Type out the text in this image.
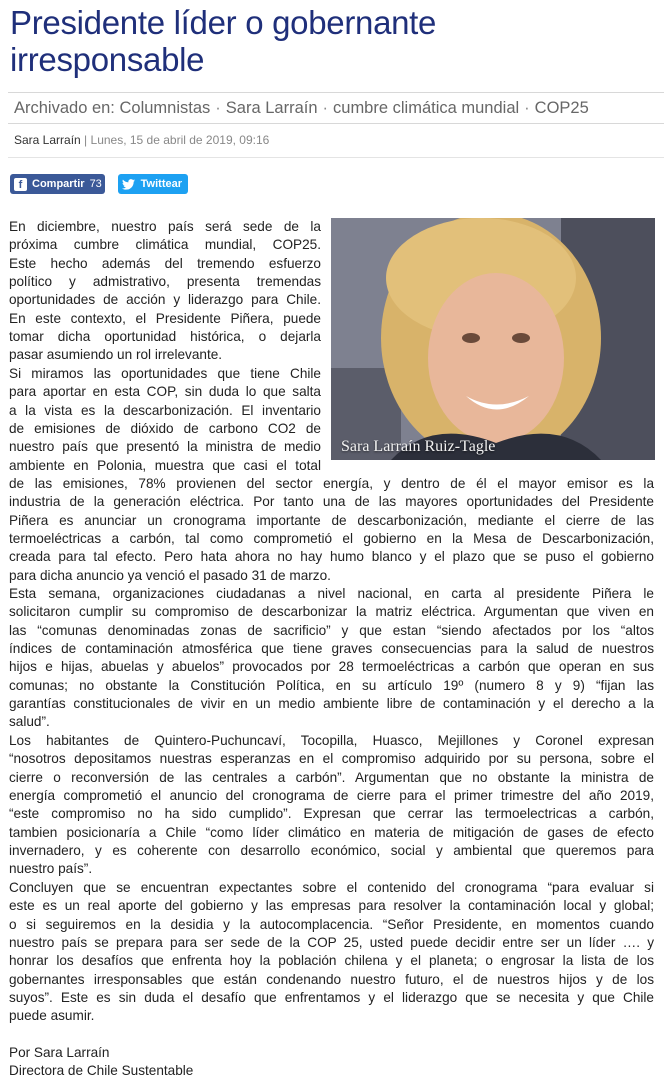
Presidente líder o gobernante
irresponsable
Archivado en: Columnistas · Sara Larraín · cumbre climática mundial · COP25
Sara Larraín | Lunes, 15 de abril de 2019, 09:16
f Compartir 73	Twittear
Sara Larraín Ruiz-Tagle
En diciembre, nuestro país será sede de la
próxima cumbre climática mundial, COP25.
Este hecho además del tremendo esfuerzo
político y admistrativo, presenta tremendas
oportunidades de acción y liderazgo para Chile.
En este contexto, el Presidente Piñera, puede
tomar dicha oportunidad histórica, o dejarla
pasar asumiendo un rol irrelevante.
Si miramos las oportunidades que tiene Chile
para aportar en esta COP, sin duda lo que salta
a la vista es la descarbonización. El inventario
de emisiones de dióxido de carbono CO2 de
nuestro país que presentó la ministra de medio
ambiente en Polonia, muestra que casi el total
de las emisiones, 78% provienen del sector energía, y dentro de él el mayor emisor es la
industria de la generación eléctrica. Por tanto una de las mayores oportunidades del Presidente
Piñera es anunciar un cronograma importante de descarbonización, mediante el cierre de las
termoeléctricas a carbón, tal como comprometió el gobierno en la Mesa de Descarbonización,
creada para tal efecto. Pero hata ahora no hay humo blanco y el plazo que se puso el gobierno
para dicha anuncio ya venció el pasado 31 de marzo.
Esta semana, organizaciones ciudadanas a nivel nacional, en carta al presidente Piñera le
solicitaron cumplir su compromiso de descarbonizar la matriz eléctrica. Argumentan que viven en
las “comunas denominadas zonas de sacrificio” y que estan “siendo afectados por los “altos
índices de contaminación atmosférica que tiene graves consecuencias para la salud de nuestros
hijos e hijas, abuelas y abuelos” provocados por 28 termoeléctricas a carbón que operan en sus
comunas; no obstante la Constitución Política, en su artículo 19º (numero 8 y 9) “fijan las
garantías constitucionales de vivir en un medio ambiente libre de contaminación y el derecho a la
salud”.
Los habitantes de Quintero-Puchuncaví, Tocopilla, Huasco, Mejillones y Coronel expresan
“nosotros depositamos nuestras esperanzas en el compromiso adquirido por su persona, sobre el
cierre o reconversión de las centrales a carbón”. Argumentan que no obstante la ministra de
energía comprometió el anuncio del cronograma de cierre para el primer trimestre del año 2019,
“este compromiso no ha sido cumplido”. Expresan que cerrar las termoelectricas a carbón,
tambien posicionaría a Chile “como líder climático en materia de mitigación de gases de efecto
invernadero, y es coherente con desarrollo económico, social y ambiental que queremos para
nuestro país”.
Concluyen que se encuentran expectantes sobre el contenido del cronograma “para evaluar si
este es un real aporte del gobierno y las empresas para resolver la contaminación local y global;
o si seguiremos en la desidia y la autocomplacencia. “Señor Presidente, en momentos cuando
nuestro país se prepara para ser sede de la COP 25, usted puede decidir entre ser un líder …. y
honrar los desafíos que enfrenta hoy la población chilena y el planeta; o engrosar la lista de los
gobernantes irresponsables que están condenando nuestro futuro, el de nuestros hijos y de los
suyos”. Este es sin duda el desafío que enfrentamos y el liderazgo que se necesita y que Chile
puede asumir.
Por Sara Larraín
Directora de Chile Sustentable
